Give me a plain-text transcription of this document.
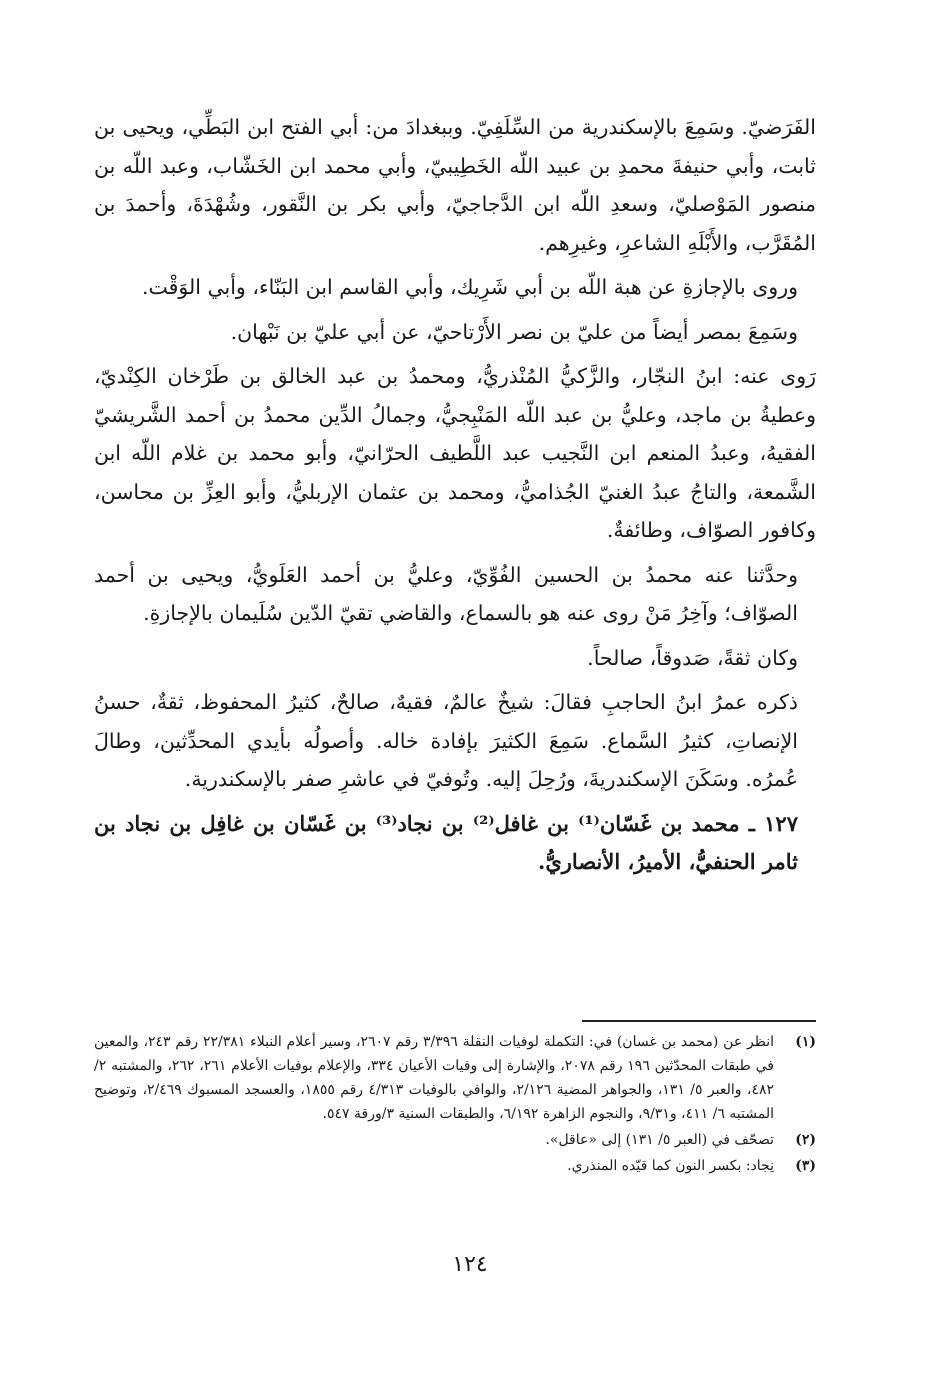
الفَرَضيّ. وسَمِعَ بالإسكندرية من السِّلَفِيّ. وببغدادَ من: أبي الفتح ابن البَطِّي، ويحيى بن ثابت، وأبي حنيفةَ محمدِ بن عبيد اللّه الخَطِيبيّ، وأبي محمد ابن الخَشّاب، وعبد اللّه بن منصور المَوْصليّ، وسعدِ اللّه ابن الدَّجاجيّ، وأبي بكر بن النَّقور، وشُهْدَةَ، وأحمدَ بن المُقَرَّب، والأَبْلَهِ الشاعرِ، وغيرِهم.

وروى بالإجازةِ عن هبة اللّه بن أبي شَرِيك، وأبي القاسم ابن البَنّاء، وأبي الوَقْت.

وسَمِعَ بمصر أيضاً من عليّ بن نصر الأَرْتاحيّ، عن أبي عليّ بن نَبْهان.

رَوى عنه: ابنُ النجّار، والزَّكيُّ المُنْذريُّ، ومحمدُ بن عبد الخالق بن طَرْخان الكِنْديّ، وعطيةُ بن ماجد، وعليُّ بن عبد اللّه المَنْبِجيُّ، وجمالُ الدِّين محمدُ بن أحمد الشَّريشيّ الفقيهُ، وعبدُ المنعم ابن النَّجيب عبد اللَّطيف الحرّانيّ، وأبو محمد بن غلام اللّه ابن الشَّمعة، والتاجُ عبدُ الغنيّ الجُذاميُّ، ومحمد بن عثمان الإربليُّ، وأبو العِزِّ بن محاسن، وكافور الصوّاف، وطائفةٌ.

وحدَّثنا عنه محمدُ بن الحسين الفُوِّيّ، وعليُّ بن أحمد العَلَويُّ، ويحيى بن أحمد الصوّاف؛ وآخِرُ مَنْ روى عنه هو بالسماع، والقاضي تقيّ الدّين سُلَيمان بالإجازةِ.

وكان ثقةً، صَدوقاً، صالحاً.

ذكره عمرُ ابنُ الحاجبِ فقالَ: شيخٌ عالمٌ، فقيهٌ، صالحٌ، كثيرُ المحفوظ، ثقةٌ، حسنُ الإنصاتِ، كثيرُ السَّماع. سَمِعَ الكثيرَ بإفادة خاله. وأصولُه بأيدي المحدِّثين، وطالَ عُمرُه. وسَكَنَ الإسكندريةَ، ورُحِلَ إليه. وتُوفيّ في عاشرِ صفر بالإسكندرية.

١٢٧ ـ محمد بن غَسّان⁽¹⁾ بن غافل⁽²⁾ بن نجاد⁽³⁾ بن غَسّان بن غافِل بن نجاد بن ثامر الحنفيُّ، الأميرُ، الأنصاريُّ.

(١)
انظر عن (محمد بن غسان) في: التكملة لوفيات النقلة ٣/٣٩٦ رقم ٢٦٠٧، وسير أعلام النبلاء ٢٢/٣٨١ رقم ٢٤٣، والمعين في طبقات المحدّثين ١٩٦ رقم ٢٠٧٨، والإشارة إلى وفيات الأعيان ٣٣٤، والإعلام بوفيات الأعلام ٢٦١، ٢٦٢، والمشتبه ٢/ ٤٨٢، والعبر ٥/ ١٣١، والجواهر المضية ٢/١٢٦، والوافي بالوفيات ٤/٣١٣ رقم ١٨٥٥، والعسجد المسبوك ٢/٤٦٩، وتوضيح المشتبه ٦/ ٤١١، و٩/٣١، والنجوم الزاهرة ٦/١٩٢، والطبقات السنية ٣/ورقة ٥٤٧.
(٢)
تصحّف في (العبر ٥/ ١٣١) إلى «عاقل».
(٣)
نِجاد: بكسر النون كما قيّده المنذري.
١٢٤
